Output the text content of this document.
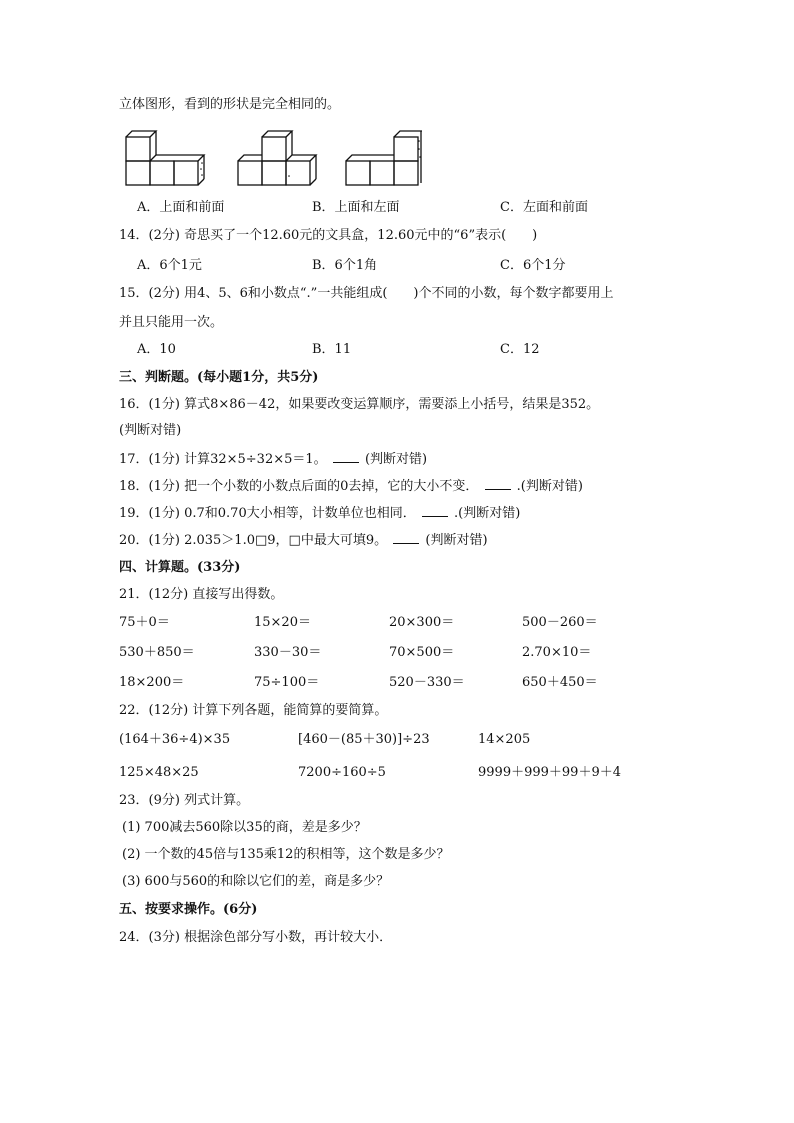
立体图形，看到的形状是完全相同的。
A．上面和前面	B．上面和左面	C．左面和前面
14．(2分) 奇思买了一个12.60元的文具盒，12.60元中的“6”表示(　　)
A．6个1元	B．6个1角	C．6个1分
15．(2分) 用4、5、6和小数点“.”一共能组成(　　)个不同的小数，每个数字都要用上
并且只能用一次。
A．10	B．11	C．12
三、判断题。(每小题1分，共5分)
16．(1分) 算式8×86－42，如果要改变运算顺序，需要添上小括号，结果是352。
(判断对错)
17．(1分) 计算32×5÷32×5＝1。	(判断对错)
18．(1分) 把一个小数的小数点后面的0去掉，它的大小不变．	.(判断对错)
19．(1分) 0.7和0.70大小相等，计数单位也相同．	.(判断对错)
20．(1分) 2.035＞1.0□9，□中最大可填9。	(判断对错)
四、计算题。(33分)
21．(12分) 直接写出得数。
75＋0＝	15×20＝	20×300＝	500－260＝
530＋850＝	330－30＝	70×500＝	2.70×10＝
18×200＝	75÷100＝	520－330＝	650＋450＝
22．(12分) 计算下列各题，能简算的要简算。
(164＋36÷4)×35	[460－(85＋30)]÷23	14×205
125×48×25	7200÷160÷5	9999＋999＋99＋9＋4
23．(9分) 列式计算。
(1) 700减去560除以35的商，差是多少？
(2) 一个数的45倍与135乘12的积相等，这个数是多少？
(3) 600与560的和除以它们的差，商是多少？
五、按要求操作。(6分)
24．(3分) 根据涂色部分写小数，再计较大小．
